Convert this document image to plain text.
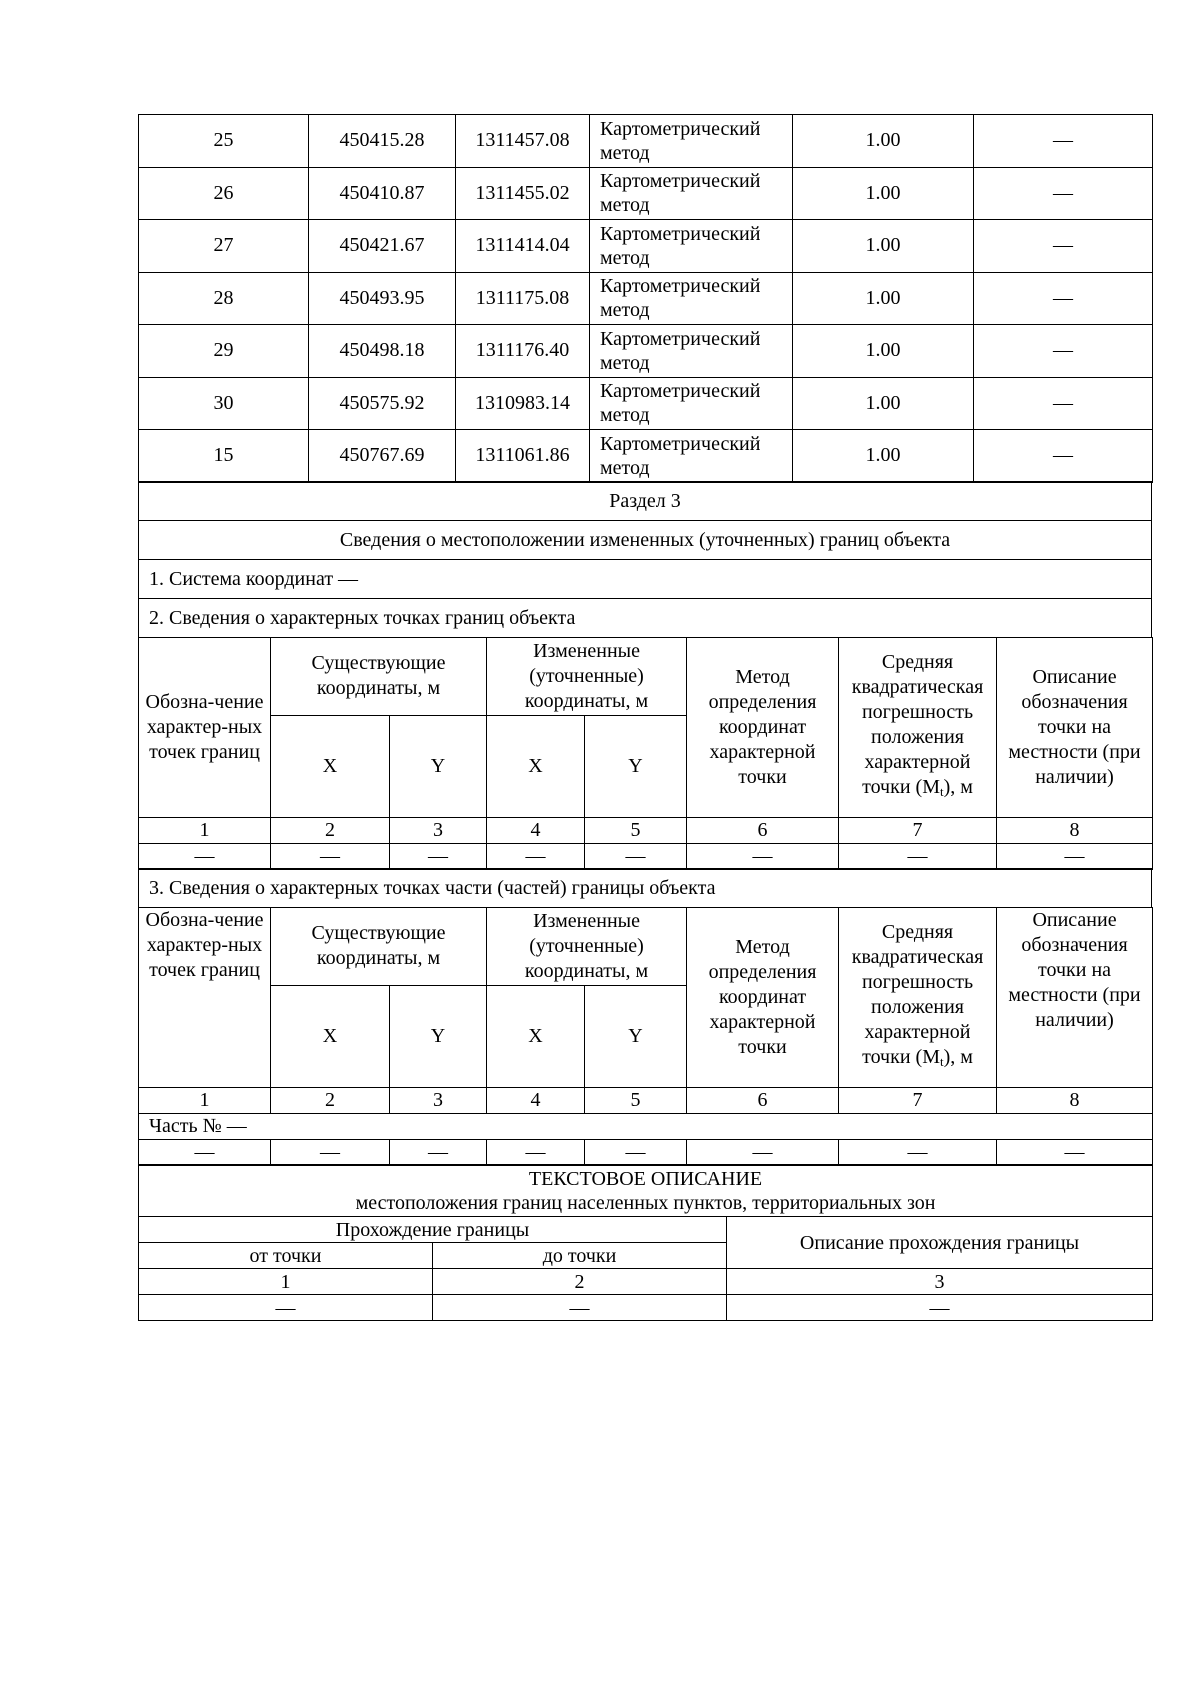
25	450415.28	1311457.08	Картометрический метод	1.00	—
26	450410.87	1311455.02	Картометрический метод	1.00	—
27	450421.67	1311414.04	Картометрический метод	1.00	—
28	450493.95	1311175.08	Картометрический метод	1.00	—
29	450498.18	1311176.40	Картометрический метод	1.00	—
30	450575.92	1310983.14	Картометрический метод	1.00	—
15	450767.69	1311061.86	Картометрический метод	1.00	—
Раздел 3
Сведения о местоположении измененных (уточненных) границ объекта
1. Система координат —
2. Сведения о характерных точках границ объекта
Обозна-чение характер-ных точек границ	Существующие координаты, м		Измененные (уточненные) координаты, м		Метод определения координат характерной точки	Средняя квадратическая погрешность положения характерной точки $(M_t)$, м	Описание обозначения точки на местности (при наличии)
	X	Y	X	Y			
1	2	3	4	5	6	7	8
—	—	—	—	—	—	—	—
3. Сведения о характерных точках части (частей) границы объекта
Обозна-чение характер-ных точек границ	Существующие координаты, м		Измененные (уточненные) координаты, м		Метод определения координат характерной точки	Средняя квадратическая погрешность положения характерной точки $(M_t)$, м	Описание обозначения точки на местности (при наличии)
	X	Y	X	Y			
1	2	3	4	5	6	7	8
Часть № —							
—	—	—	—	—	—	—	—
ТЕКСТОВОЕ ОПИСАНИЕ
местоположения границ населенных пунктов, территориальных зон		

Прохождение границы		Описание прохождения границы
от точки	до точки	
1	2	3
—	—	—
